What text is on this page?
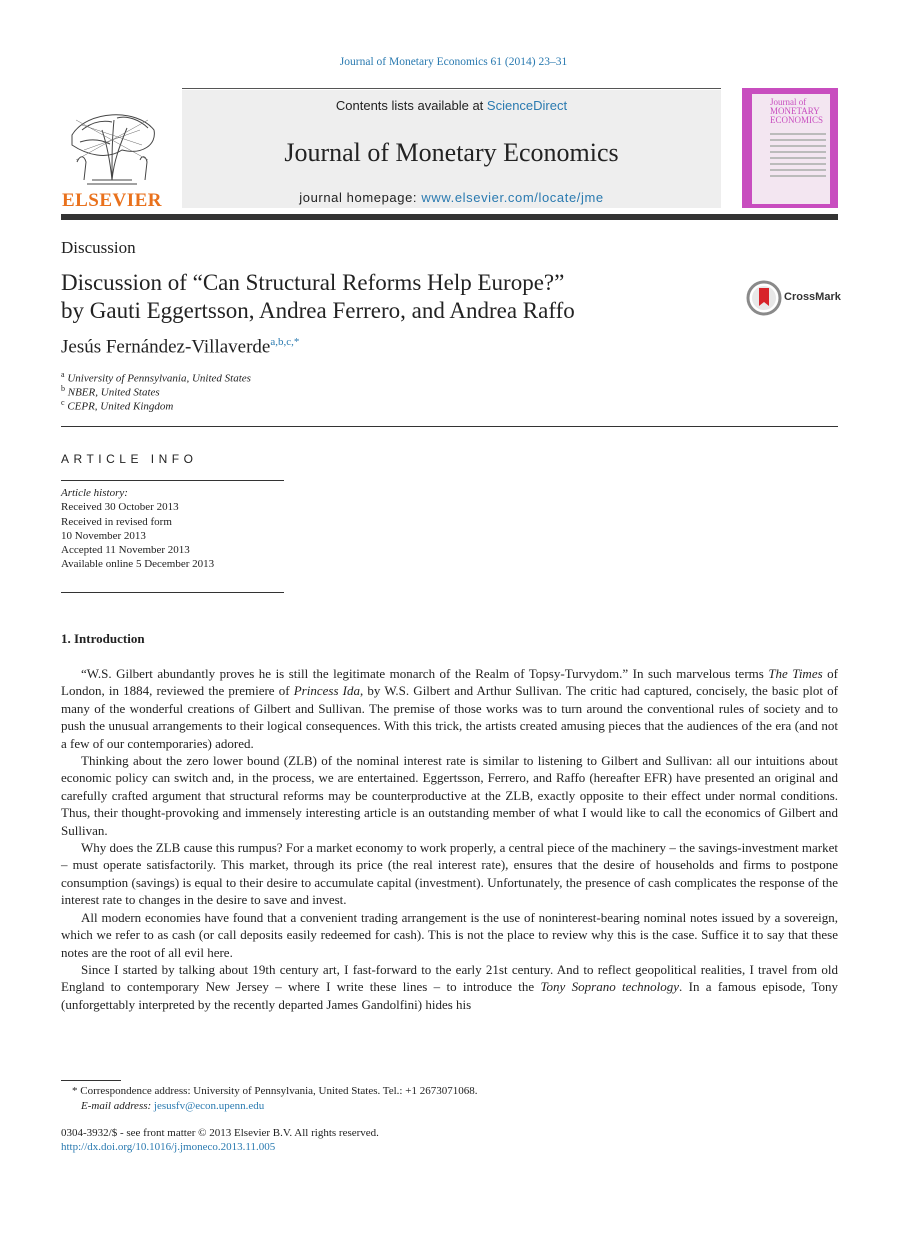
Journal of Monetary Economics 61 (2014) 23–31
ELSEVIER
Contents lists available at ScienceDirect
Journal of Monetary Economics
journal homepage: www.elsevier.com/locate/jme
Journal of MONETARY ECONOMICS
Discussion
Discussion of “Can Structural Reforms Help Europe?”
by Gauti Eggertsson, Andrea Ferrero, and Andrea Raffo
CrossMark
Jesús Fernández-Villaverde$^{a,b,c,*}$
$^a$ University of Pennsylvania, United States
$^b$ NBER, United States
$^c$ CEPR, United Kingdom
ARTICLE INFO
Article history:
Received 30 October 2013
Received in revised form
10 November 2013
Accepted 11 November 2013
Available online 5 December 2013
1. Introduction

“W.S. Gilbert abundantly proves he is still the legitimate monarch of the Realm of Topsy-Turvydom.” In such marvelous terms The Times of London, in 1884, reviewed the premiere of Princess Ida, by W.S. Gilbert and Arthur Sullivan. The critic had captured, concisely, the basic plot of many of the wonderful creations of Gilbert and Sullivan. The premise of those works was to turn around the conventional rules of society and to push the unusual arrangements to their logical consequences. With this trick, the artists created amusing pieces that the audiences of the era (and not a few of our contemporaries) adored.

Thinking about the zero lower bound (ZLB) of the nominal interest rate is similar to listening to Gilbert and Sullivan: all our intuitions about economic policy can switch and, in the process, we are entertained. Eggertsson, Ferrero, and Raffo (hereafter EFR) have presented an original and carefully crafted argument that structural reforms may be counterproductive at the ZLB, exactly opposite to their effect under normal conditions. Thus, their thought-provoking and immensely interesting article is an outstanding member of what I would like to call the economics of Gilbert and Sullivan.

Why does the ZLB cause this rumpus? For a market economy to work properly, a central piece of the machinery – the savings-investment market – must operate satisfactorily. This market, through its price (the real interest rate), ensures that the desire of households and firms to postpone consumption (savings) is equal to their desire to accumulate capital (investment). Unfortunately, the presence of cash complicates the response of the interest rate to changes in the desire to save and invest.

All modern economies have found that a convenient trading arrangement is the use of noninterest-bearing nominal notes issued by a sovereign, which we refer to as cash (or call deposits easily redeemed for cash). This is not the place to review why this is the case. Suffice it to say that these notes are the root of all evil here.

Since I started by talking about 19th century art, I fast-forward to the early 21st century. And to reflect geopolitical realities, I travel from old England to contemporary New Jersey – where I write these lines – to introduce the Tony Soprano technology. In a famous episode, Tony (unforgettably interpreted by the recently departed James Gandolfini) hides his

* Correspondence address: University of Pennsylvania, United States. Tel.: +1 2673071068.
E-mail address: jesusfv@econ.upenn.edu
0304-3932/$ - see front matter © 2013 Elsevier B.V. All rights reserved.
http://dx.doi.org/10.1016/j.jmoneco.2013.11.005
